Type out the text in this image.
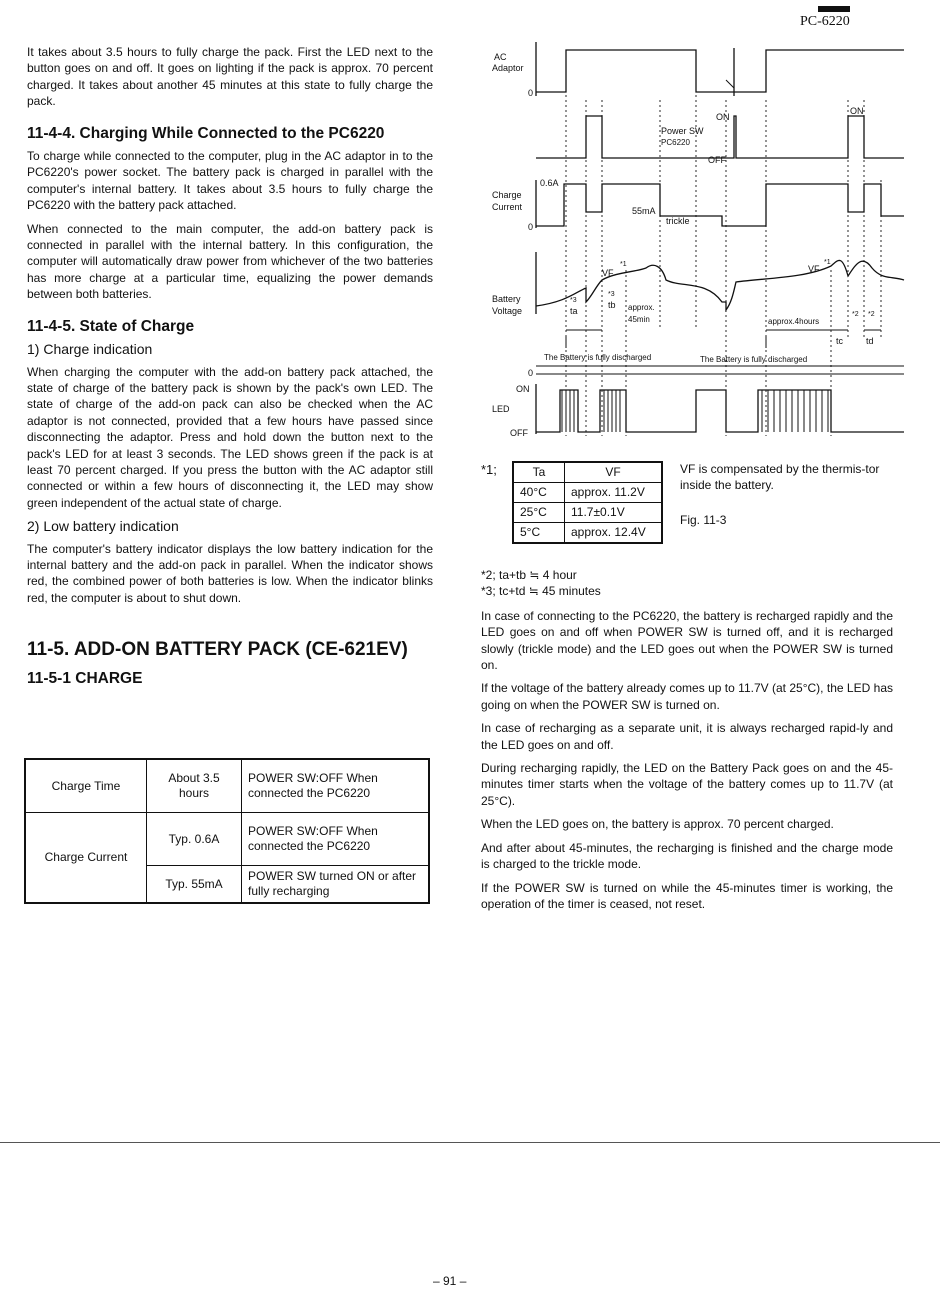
PC-6220

It takes about 3.5 hours to fully charge the pack. First the LED next to the button goes on and off. It goes on lighting if the pack is approx. 70 percent charged. It takes about another 45 minutes at this state to fully charge the pack.

11-4-4. Charging While Connected to the PC6220

To charge while connected to the computer, plug in the AC adaptor in to the PC6220's power socket. The battery pack is charged in parallel with the computer's internal battery. It takes about 3.5 hours to fully charge the PC6220 with the battery pack attached.

When connected to the main computer, the add-on battery pack is connected in parallel with the internal battery. In this configuration, the computer will automatically draw power from whichever of the two batteries has more charge at a particular time, equalizing the power demands between both batteries.

11-4-5. State of Charge
1) Charge indication

When charging the computer with the add-on battery pack attached, the state of charge of the battery pack is shown by the pack's own LED. The state of charge of the add-on pack can also be checked when the AC adaptor is not connected, provided that a few hours have passed since disconnecting the adaptor. Press and hold down the button next to the pack's LED for at least 3 seconds. The LED shows green if the pack is at least 70 percent charged. If you press the button with the AC adaptor still connected or within a few hours of disconnecting it, the LED may show green independent of the actual state of charge.

2) Low battery indication

The computer's battery indicator displays the low battery indication for the internal battery and the add-on pack in parallel. When the indicator shows red, the combined power of both batteries is low. When the indicator blinks red, the computer is about to shut down.

11-5. ADD-ON BATTERY PACK (CE-621EV)
11-5-1 CHARGE
Charge Time	About 3.5 hours	POWER SW:OFF When connected the PC6220
Charge Current	Typ. 0.6A	POWER SW:OFF When connected the PC6220
	Typ. 55mA	POWER SW turned ON or after fully recharging
AC
Adaptor
0
ON
ON
OFF
Power SW
PC6220
Charge
Current
0
0.6A
55mA
trickle
Battery
Voltage
VF	VF
*1	*1
*3
*3
*2 *2
ta
tb
tc	td
approx.
45min	approx.4hours
The Battery is fully discharged	The Battery is fully discharged
0
ON
LED
OFF
*1;	Ta	VF
40°C	approx. 11.2V
25°C	11.7±0.1V
5°C	approx. 12.4V
VF is compensated by the thermis-tor inside the battery.
Fig. 11-3

*2; ta+tb ≒ 4 hour

*3; tc+td ≒ 45 minutes

In case of connecting to the PC6220, the battery is recharged rapidly and the LED goes on and off when POWER SW is turned off, and it is recharged slowly (trickle mode) and the LED goes out when the POWER SW is turned on.

If the voltage of the battery already comes up to 11.7V (at 25°C), the LED has going on when the POWER SW is turned on.

In case of recharging as a separate unit, it is always recharged rapid-ly and the LED goes on and off.

During recharging rapidly, the LED on the Battery Pack goes on and the 45-minutes timer starts when the voltage of the battery comes up to 11.7V (at 25°C).

When the LED goes on, the battery is approx. 70 percent charged.

And after about 45-minutes, the recharging is finished and the charge mode is charged to the trickle mode.

If the POWER SW is turned on while the 45-minutes timer is working, the operation of the timer is ceased, not reset.

– 91 –
